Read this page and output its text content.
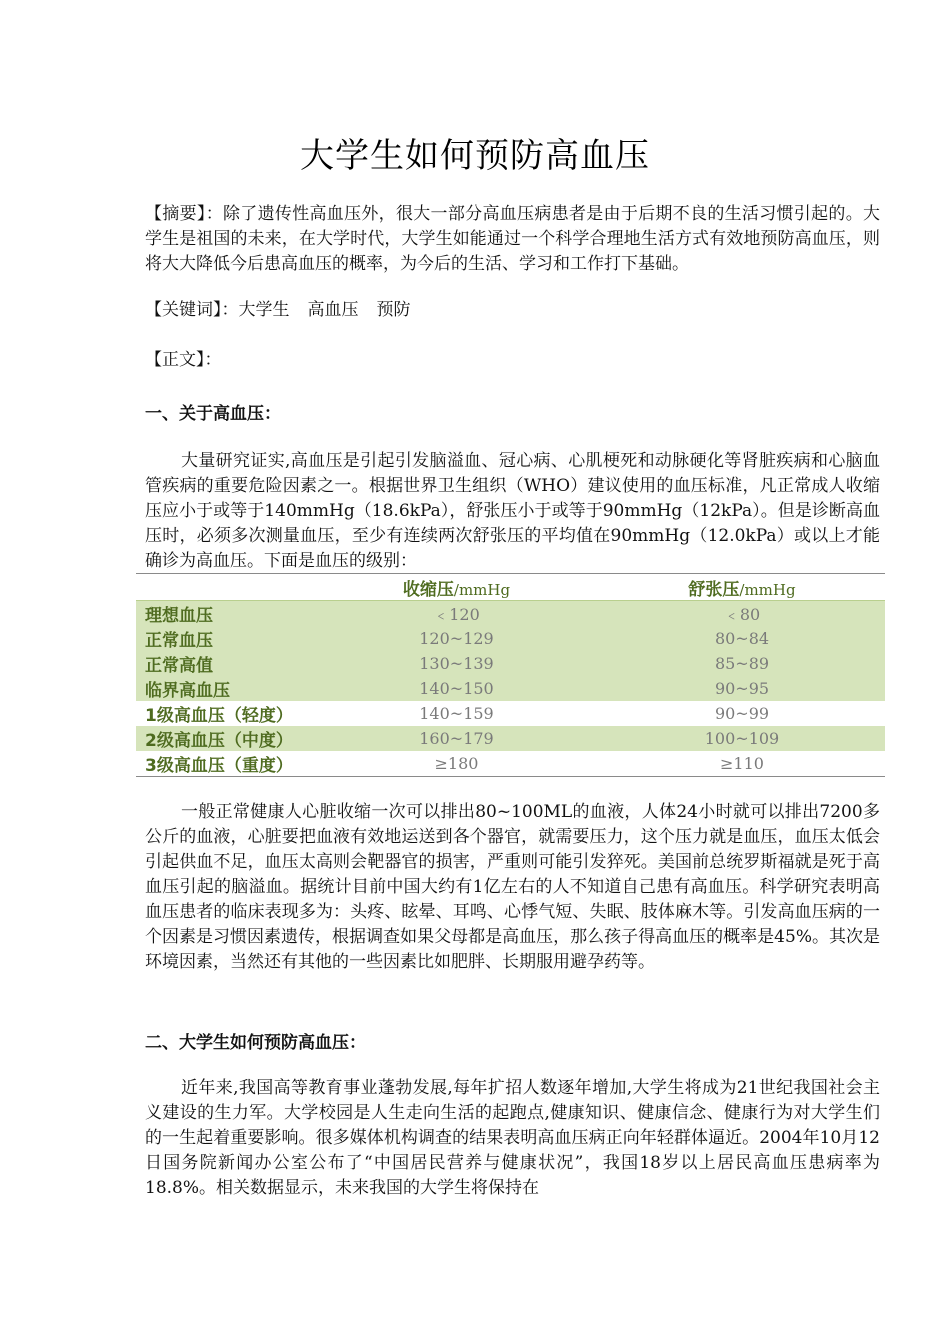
大学生如何预防高血压

【摘要】：除了遗传性高血压外，很大一部分高血压病患者是由于后期不良的生活习惯引起的。大学生是祖国的未来，在大学时代，大学生如能通过一个科学合理地生活方式有效地预防高血压，则将大大降低今后患高血压的概率，为今后的生活、学习和工作打下基础。

【关键词】：大学生 高血压 预防

【正文】：

一、关于高血压：

大量研究证实,高血压是引起引发脑溢血、冠心病、心肌梗死和动脉硬化等肾脏疾病和心脑血管疾病的重要危险因素之一。根据世界卫生组织（WHO）建议使用的血压标准，凡正常成人收缩压应小于或等于140mmHg（18.6kPa），舒张压小于或等于90mmHg（12kPa）。但是诊断高血压时，必须多次测量血压，至少有连续两次舒张压的平均值在90mmHg（12.0kPa）或以上才能确诊为高血压。下面是血压的级别：

	收缩压/mmHg	舒张压/mmHg
理想血压	﹤120	﹤80
正常血压	120~129	80~84
正常高值	130~139	85~89
临界高血压	140~150	90~95
1级高血压（轻度）	140~159	90~99
2级高血压（中度）	160~179	100~109
3级高血压（重度）	≥180	≥110

一般正常健康人心脏收缩一次可以排出80~100ML的血液，人体24小时就可以排出7200多公斤的血液，心脏要把血液有效地运送到各个器官，就需要压力，这个压力就是血压，血压太低会引起供血不足，血压太高则会靶器官的损害，严重则可能引发猝死。美国前总统罗斯福就是死于高血压引起的脑溢血。据统计目前中国大约有1亿左右的人不知道自己患有高血压。科学研究表明高血压患者的临床表现多为：头疼、眩晕、耳鸣、心悸气短、失眠、肢体麻木等。引发高血压病的一个因素是习惯因素遗传，根据调查如果父母都是高血压，那么孩子得高血压的概率是45%。其次是环境因素，当然还有其他的一些因素比如肥胖、长期服用避孕药等。

二、大学生如何预防高血压：

近年来,我国高等教育事业蓬勃发展,每年扩招人数逐年增加,大学生将成为21世纪我国社会主义建设的生力军。大学校园是人生走向生活的起跑点,健康知识、健康信念、健康行为对大学生们的一生起着重要影响。很多媒体机构调查的结果表明高血压病正向年轻群体逼近。2004年10月12日国务院新闻办公室公布了“中国居民营养与健康状况”，我国18岁以上居民高血压患病率为18.8%。相关数据显示，未来我国的大学生将保持在
